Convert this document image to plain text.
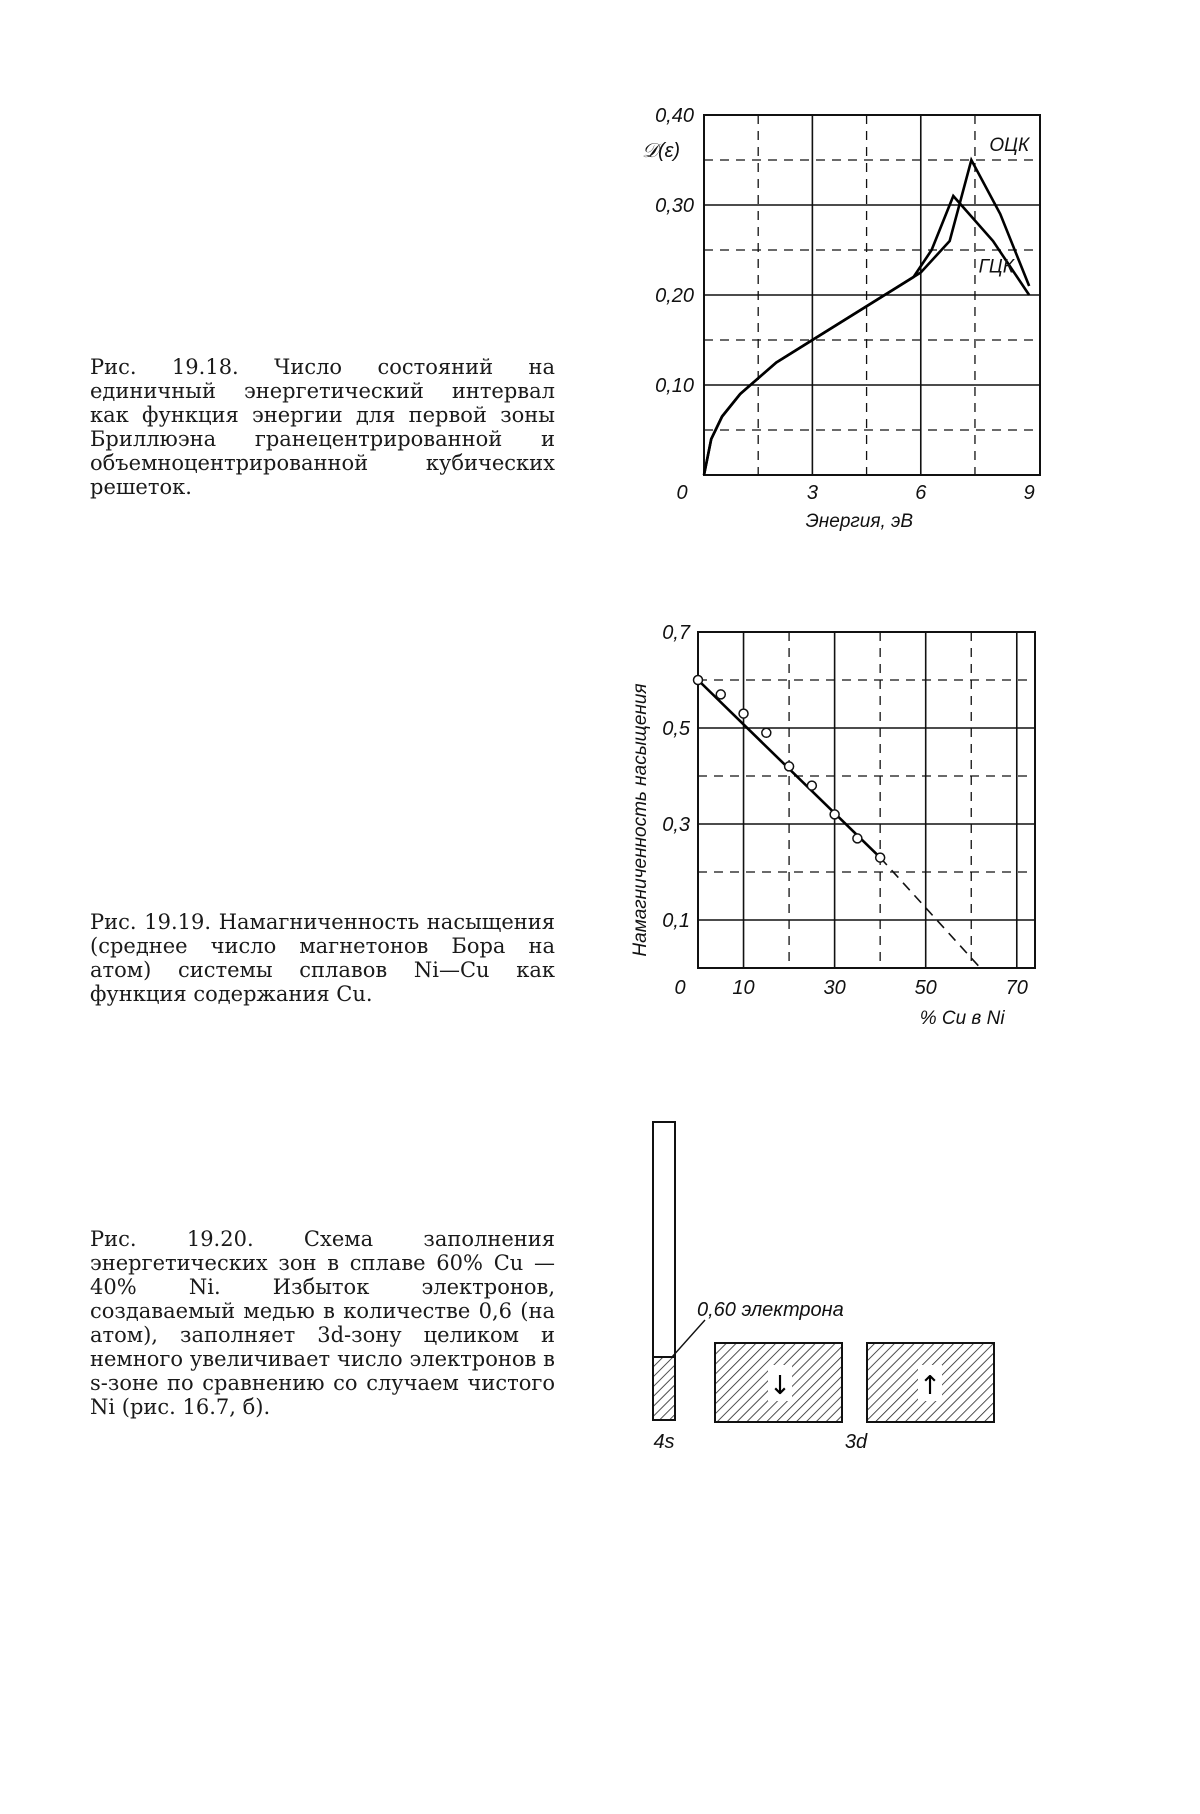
0,10
0,20
0,30
0,40
0	3	6	9
𝒟(ε)
Энергия, эВ
ОЦК
ГЦК
Рис. 19.18. Число состояний на единичный энергетический интервал как функция энергии для первой зоны Бриллюэна гранецентрированной и объемноцентрированной кубических решеток.
Рис. 19.19. Намагниченность насыщения (среднее число магнетонов Бора на атом) системы сплавов Ni—Cu как функция содержания Cu.
Рис. 19.20. Схема заполнения энергетических зон в сплаве 60% Cu — 40% Ni. Избыток электронов, создаваемый медью в количестве 0,6 (на атом), заполняет 3d-зону целиком и немного увеличивает число электронов в s-зоне по сравнению со случаем чистого Ni (рис. 16.7, б).
0,1
0,3
0,5
0,7
0 10	30	50	70
% Cu в Ni
Намагниченность насыщения
0,60 электрона
↓	↑
4s	3d
